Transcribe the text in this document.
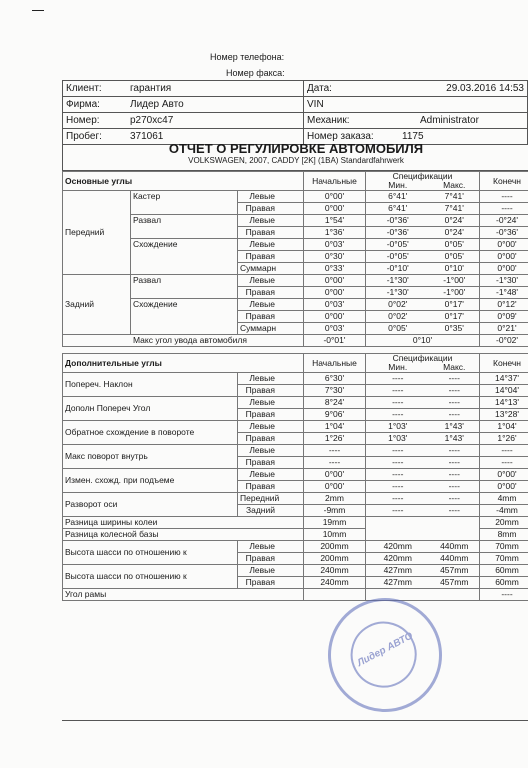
Номер телефона:
Номер факса:
Клиент:	гарантия	Дата:	29.03.2016 14:53
Фирма:	Лидер Авто	VIN	
Номер:	р270хс47	Механик:	Administrator
Пробег:	371061	Номер заказа:	1175
ОТЧЕТ О РЕГУЛИРОВКЕ АВТОМОБИЛЯ
VOLKSWAGEN, 2007, CADDY [2K] (1BA) Standardfahrwerk
Основные углы			Начальные	Спецификации		Конечн
				Мин.	Макс.	
Передний	Кастер	Левые	0°00'	6°41'	7°41'	----
		Правая	0°00'	6°41'	7°41'	----
	Развал	Левые	1°54'	-0°36'	0°24'	-0°24'
		Правая	1°36'	-0°36'	0°24'	-0°36'
	Схождение	Левые	0°03'	-0°05'	0°05'	0°00'
		Правая	0°30'	-0°05'	0°05'	0°00'
		Суммарн	0°33'	-0°10'	0°10'	0°00'
Задний	Развал	Левые	0°00'	-1°30'	-1°00'	-1°30'
		Правая	0°00'	-1°30'	-1°00'	-1°48'
	Схождение	Левые	0°03'	0°02'	0°17'	0°12'
		Правая	0°00'	0°02'	0°17'	0°09'
		Суммарн	0°03'	0°05'	0°35'	0°21'
Макс угол увода автомобиля			-0°01'	0°10'		-0°02'

Дополнительные углы			Начальные	Спецификации		Конечн
				Мин.	Макс.	
Попереч. Наклон		Левые	6°30'	----	----	14°37'
		Правая	7°30'	----	----	14°04'
Дополн Попереч Угол		Левые	8°24'	----	----	14°13'
		Правая	9°06'	----	----	13°28'
Обратное схождение в повороте		Левые	1°04'	1°03'	1°43'	1°04'
		Правая	1°26'	1°03'	1°43'	1°26'
Макс поворот внутрь		Левые	----	----	----	----
		Правая	----	----	----	----
Измен. схожд. при подъеме		Левые	0°00'	----	----	0°00'
		Правая	0°00'	----	----	0°00'
Разворот оси		Передний	2mm	----	----	4mm
		Задний	-9mm	----	----	-4mm
Разница ширины колеи			19mm			20mm
Разница колесной базы			10mm			8mm
Высота шасси по отношению к		Левые	200mm	420mm	440mm	70mm
		Правая	200mm	420mm	440mm	70mm
Высота шасси по отношению к		Левые	240mm	427mm	457mm	60mm
		Правая	240mm	427mm	457mm	60mm
Угол рамы						----
Лидер АВТО
